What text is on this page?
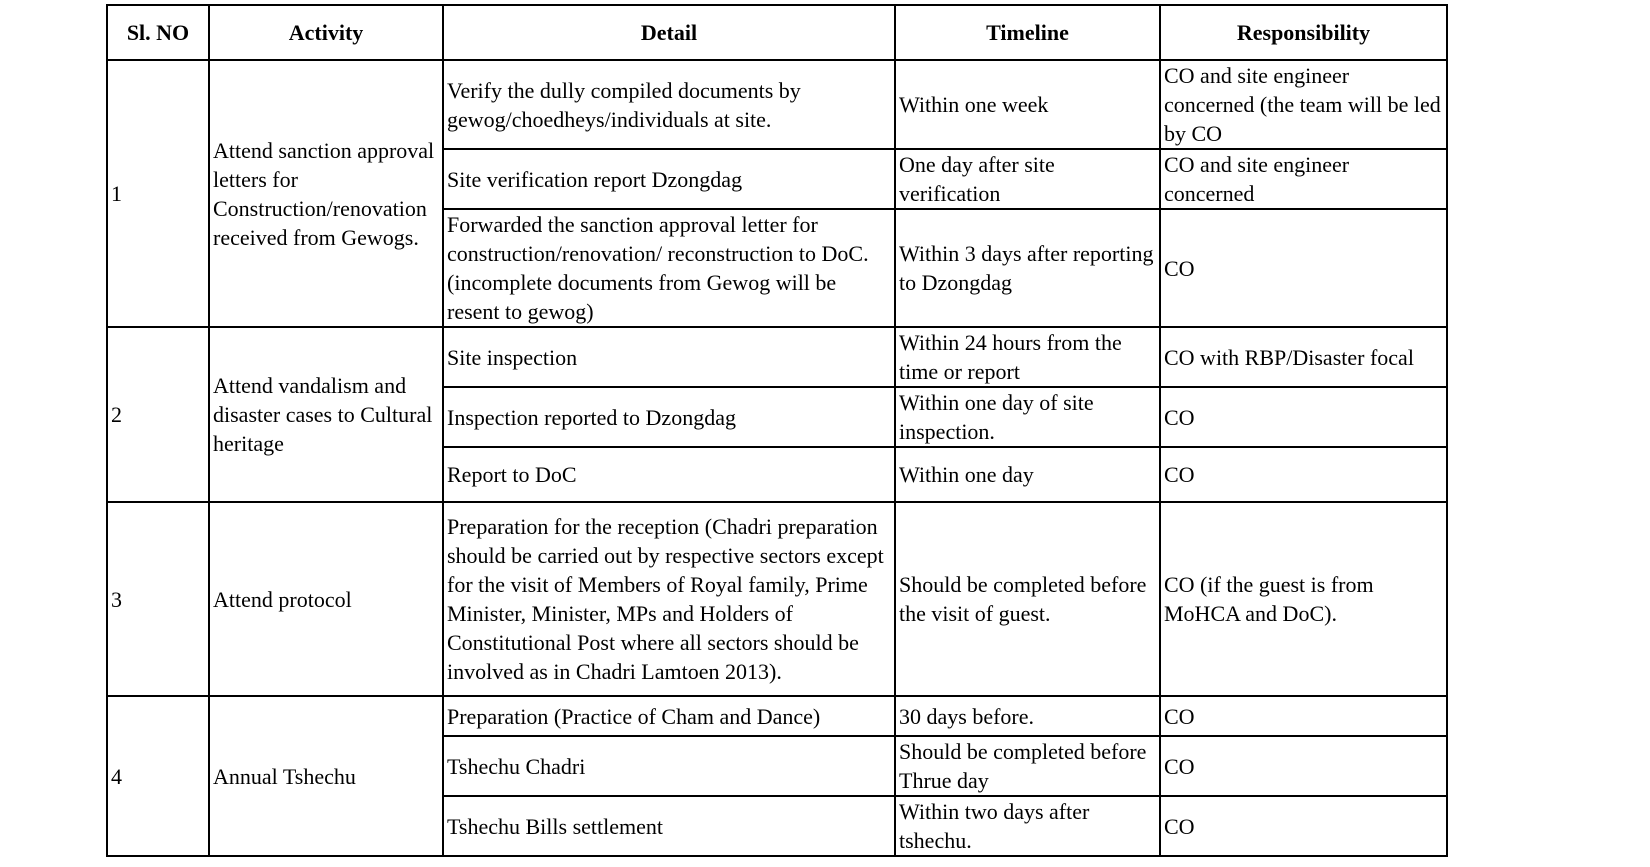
Sl. NO	Activity	Detail	Timeline	Responsibility
1	Attend sanction approval letters for Construction/renovation received from Gewogs.	Verify the dully compiled documents by gewog/choedheys/individuals at site.	Within one week	CO and site engineer concerned (the team will be led by CO
		Site verification report Dzongdag	One day after site verification	CO and site engineer concerned
		Forwarded the sanction approval letter for construction/renovation/ reconstruction to DoC. (incomplete documents from Gewog will be resent to gewog)	Within 3 days after reporting to Dzongdag	CO
2	Attend vandalism and disaster cases to Cultural heritage	Site inspection	Within 24 hours from the time or report	CO with RBP/Disaster focal
		Inspection reported to Dzongdag	Within one day of site inspection.	CO
		Report to DoC	Within one day	CO
3	Attend protocol	Preparation for the reception (Chadri preparation should be carried out by respective sectors except for the visit of Members of Royal family, Prime Minister, Minister, MPs and Holders of Constitutional Post where all sectors should be involved as in Chadri Lamtoen 2013).	Should be completed before the visit of guest.	CO (if the guest is from MoHCA and DoC).
4	Annual Tshechu	Preparation (Practice of Cham and Dance)	30 days before.	CO
		Tshechu Chadri	Should be completed before Thrue day	CO
		Tshechu Bills settlement	Within two days after tshechu.	CO
